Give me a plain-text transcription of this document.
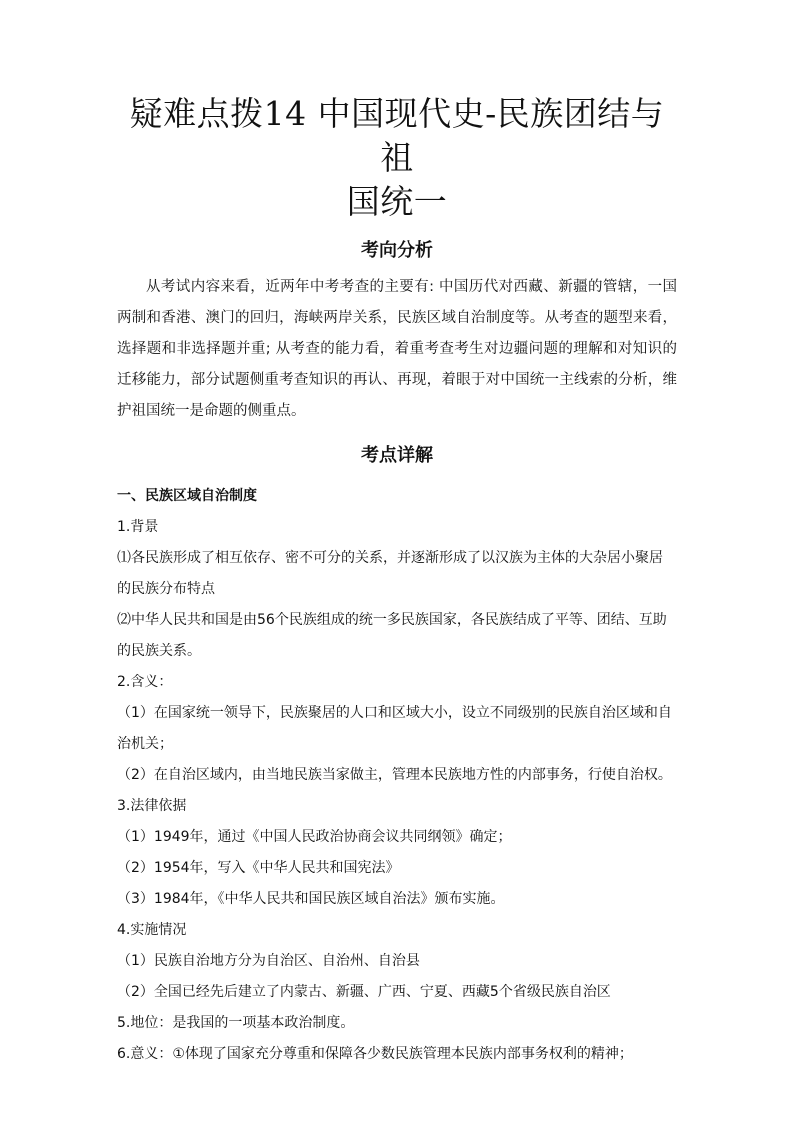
疑难点拨14 中国现代史-民族团结与祖
国统一
考向分析

从考试内容来看，近两年中考考查的主要有: 中国历代对西藏、新疆的管辖，一国两制和香港、澳门的回归，海峡两岸关系，民族区域自治制度等。从考查的题型来看，选择题和非选择题并重; 从考查的能力看，着重考查考生对边疆问题的理解和对知识的迁移能力，部分试题侧重考查知识的再认、再现，着眼于对中国统一主线索的分析，维护祖国统一是命题的侧重点。

考点详解
一、民族区域自治制度
1.背景
⑴各民族形成了相互依存、密不可分的关系，并逐渐形成了以汉族为主体的大杂居小聚居
的民族分布特点
⑵中华人民共和国是由56个民族组成的统一多民族国家，各民族结成了平等、团结、互助
的民族关系。
2.含义：
（1）在国家统一领导下，民族聚居的人口和区域大小，设立不同级别的民族自治区域和自
治机关；
（2）在自治区域内，由当地民族当家做主，管理本民族地方性的内部事务，行使自治权。
3.法律依据
（1）1949年，通过《中国人民政治协商会议共同纲领》确定；
（2）1954年，写入《中华人民共和国宪法》
（3）1984年，《中华人民共和国民族区域自治法》颁布实施。
4.实施情况
（1）民族自治地方分为自治区、自治州、自治县
（2）全国已经先后建立了内蒙古、新疆、广西、宁夏、西藏5个省级民族自治区
5.地位：是我国的一项基本政治制度。
6.意义：①体现了国家充分尊重和保障各少数民族管理本民族内部事务权利的精神；
